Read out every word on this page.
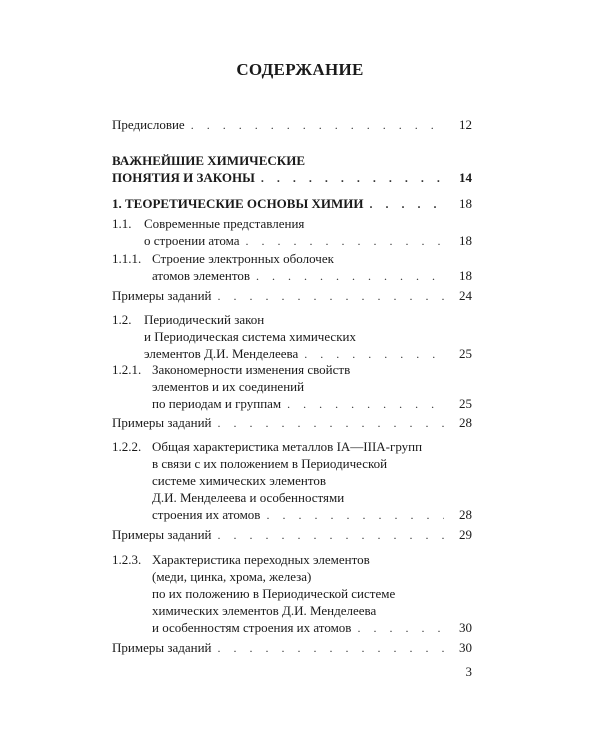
СОДЕРЖАНИЕ
Предисловие . . .	12
ВАЖНЕЙШИЕ ХИМИЧЕСКИЕ
ПОНЯТИЯ И ЗАКОНЫ . . .	14
1. ТЕОРЕТИЧЕСКИЕ ОСНОВЫ ХИМИИ . . .	18
1.1. Современные представления
о строении атома . . .	18
1.1.1. Строение электронных оболочек
атомов элементов . . .	18
Примеры заданий . . .	24
1.2. Периодический закон
и Периодическая система химических
элементов Д.И. Менделеева . . .	25
1.2.1. Закономерности изменения свойств
элементов и их соединений
по периодам и группам . . .	25
Примеры заданий . . .	28
1.2.2. Общая характеристика металлов IА—IIIА-групп
в связи с их положением в Периодической
системе химических элементов
Д.И. Менделеева и особенностями
строения их атомов . . .	28
Примеры заданий . . .	29
1.2.3. Характеристика переходных элементов
(меди, цинка, хрома, железа)
по их положению в Периодической системе
химических элементов Д.И. Менделеева
и особенностям строения их атомов . . .	30
Примеры заданий . . .	30
3
